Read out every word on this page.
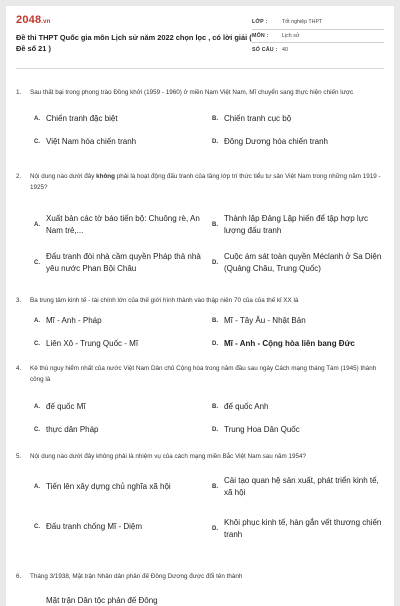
2048.vn
Đề thi THPT Quốc gia môn Lịch sử năm 2022 chọn lọc , có lời giải ( Đề số 21 )
LỚP :	Tốt nghiệp THPT
MÔN :	Lịch sử
SỐ CÂU : 40
1.	Sau thất bại trong phong trào Đồng khởi (1959 - 1960) ở miền Nam Việt Nam, Mĩ chuyển sang thực hiện chiến lược
A. Chiến tranh đặc biệt	B. Chiến tranh cục bộ
C. Việt Nam hóa chiến tranh	D. Đông Dương hóa chiến tranh
2.	Nội dung nào dưới đây không phải là hoạt động đấu tranh của tầng lớp trí thức tiểu tư sản Việt Nam trong những năm 1919 - 1925?
A.
Xuất bản các tờ báo tiến bộ: Chuông rè, An Nam trẻ,...
B.
Thành lập Đảng Lập hiến để tập hợp lực lượng đấu tranh
C.
Đấu tranh đòi nhà cầm quyền Pháp thả nhà yêu nước Phan Bội Châu
D.
Cuộc ám sát toàn quyền Méclanh ở Sa Diện (Quảng Châu, Trung Quốc)
3.	Ba trung tâm kinh tế - tài chính lớn của thế giới hình thành vào thập niên 70 của của thế kỉ XX là
A. Mĩ - Anh - Pháp	B. Mĩ - Tây Âu - Nhật Bản
C. Liên Xô - Trung Quốc - Mĩ	D. Mĩ - Anh - Cộng hòa liên bang Đức
4.	Kẻ thù nguy hiểm nhất của nước Việt Nam Dân chủ Cộng hòa trong năm đầu sau ngày Cách mạng tháng Tám (1945) thành công là
A. đế quốc Mĩ	B. đế quốc Anh
C. thực dân Pháp	D. Trung Hoa Dân Quốc
5.	Nội dung nào dưới đây không phải là nhiệm vụ của cách mạng miền Bắc Việt Nam sau năm 1954?
A. Tiến lên xây dựng chủ nghĩa xã hội	B.
Cải tạo quan hệ sản xuất, phát triển kinh tế, xã hội
C. Đấu tranh chống Mĩ - Diệm	D.
Khôi phục kinh tế, hàn gắn vết thương chiến tranh
6.	Tháng 3/1938, Mặt trận Nhân dân phản đế Đông Dương được đổi tên thành
Mặt trận Dân tộc phản đế Đông
